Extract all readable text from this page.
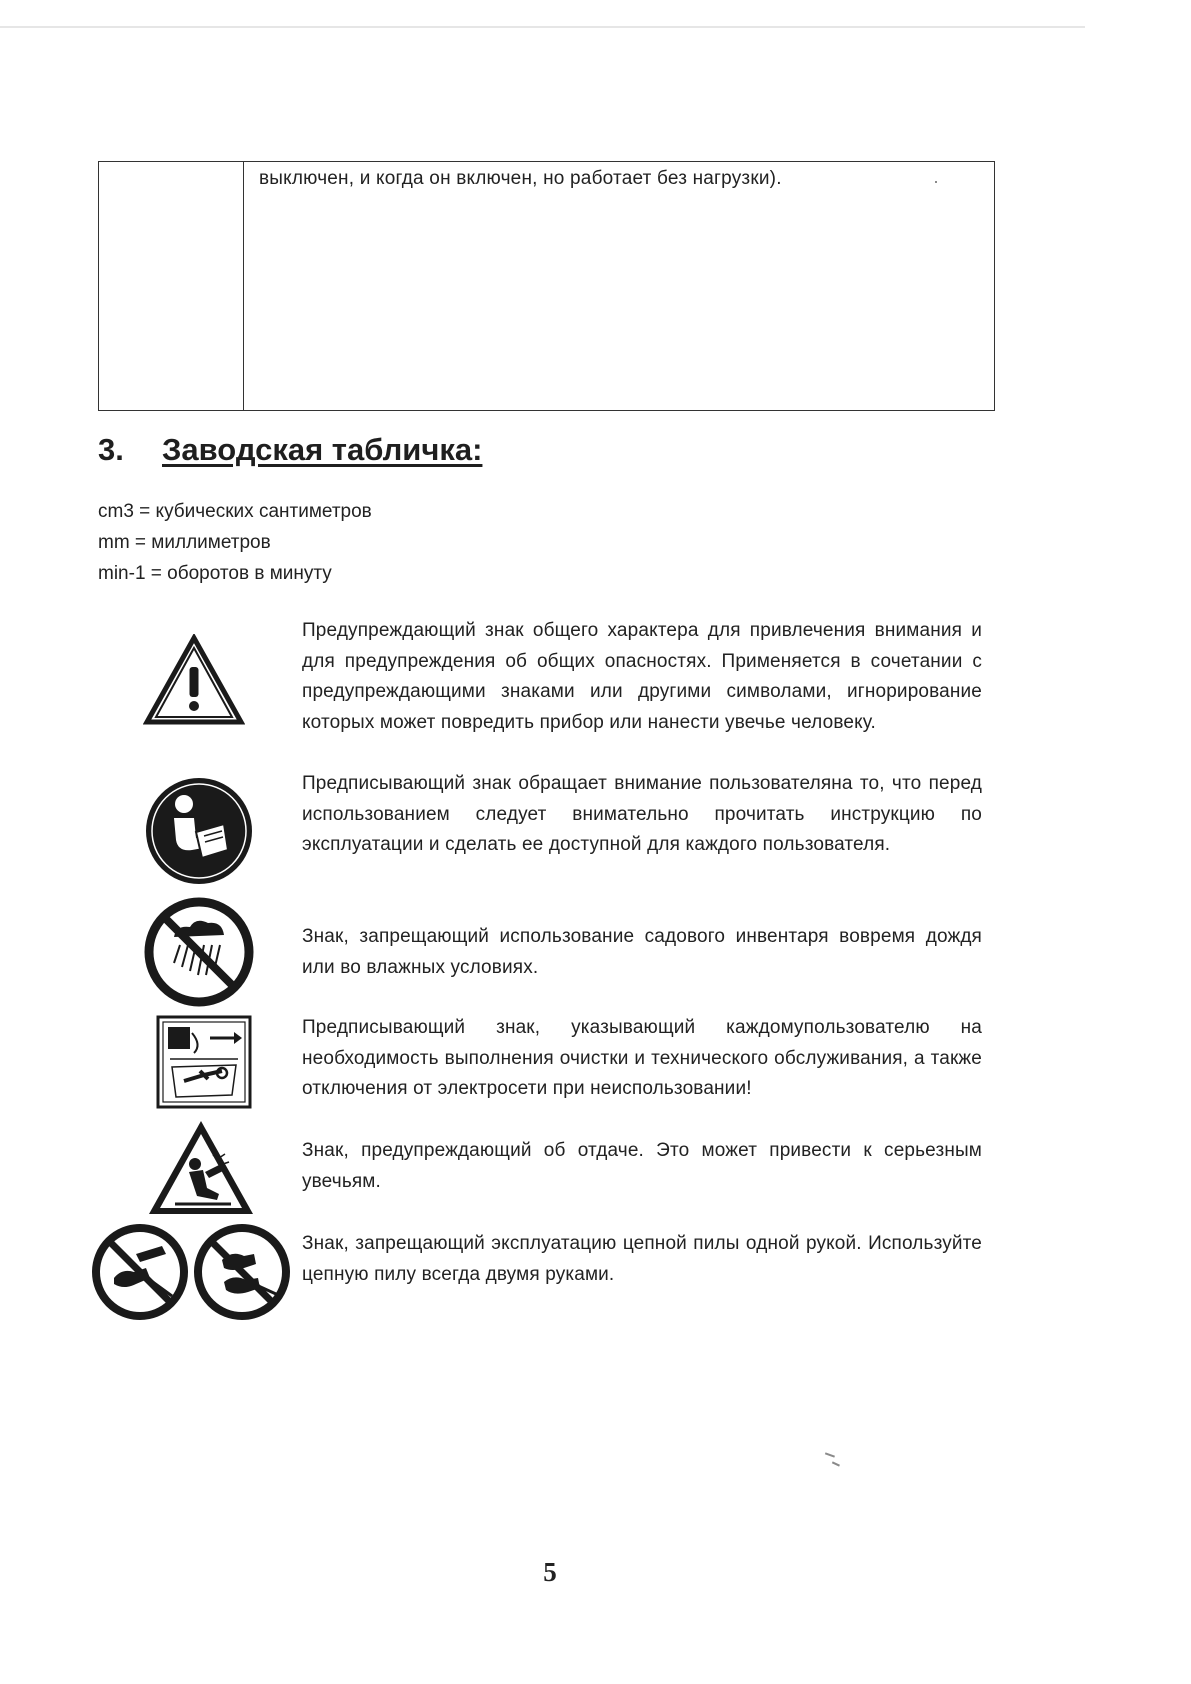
выключен, и когда он включен, но работает без нагрузки).
3. Заводская табличка:
cm3 = кубических сантиметров
mm = миллиметров
min-1 = оборотов в минуту
Предупреждающий знак общего характера для привлечения внимания и для предупреждения об общих опасностях. Применяется в сочетании с предупреждающими знаками или другими символами, игнорирование которых может повредить прибор или нанести увечье человеку.
Предписывающий знак обращает внимание пользователяна то, что перед использованием следует внимательно прочитать инструкцию по эксплуатации и сделать ее доступной для каждого пользователя.
Знак, запрещающий использование садового инвентаря вовремя дождя или во влажных условиях.
Предписывающий знак, указывающий каждомупользователю на необходимость выполнения очистки и технического обслуживания, а также отключения от электросети при неиспользовании!
Знак, предупреждающий об отдаче. Это может привести к серьезным увечьям.
Знак, запрещающий эксплуатацию цепной пилы одной рукой. Используйте цепную пилу всегда двумя руками.
5
